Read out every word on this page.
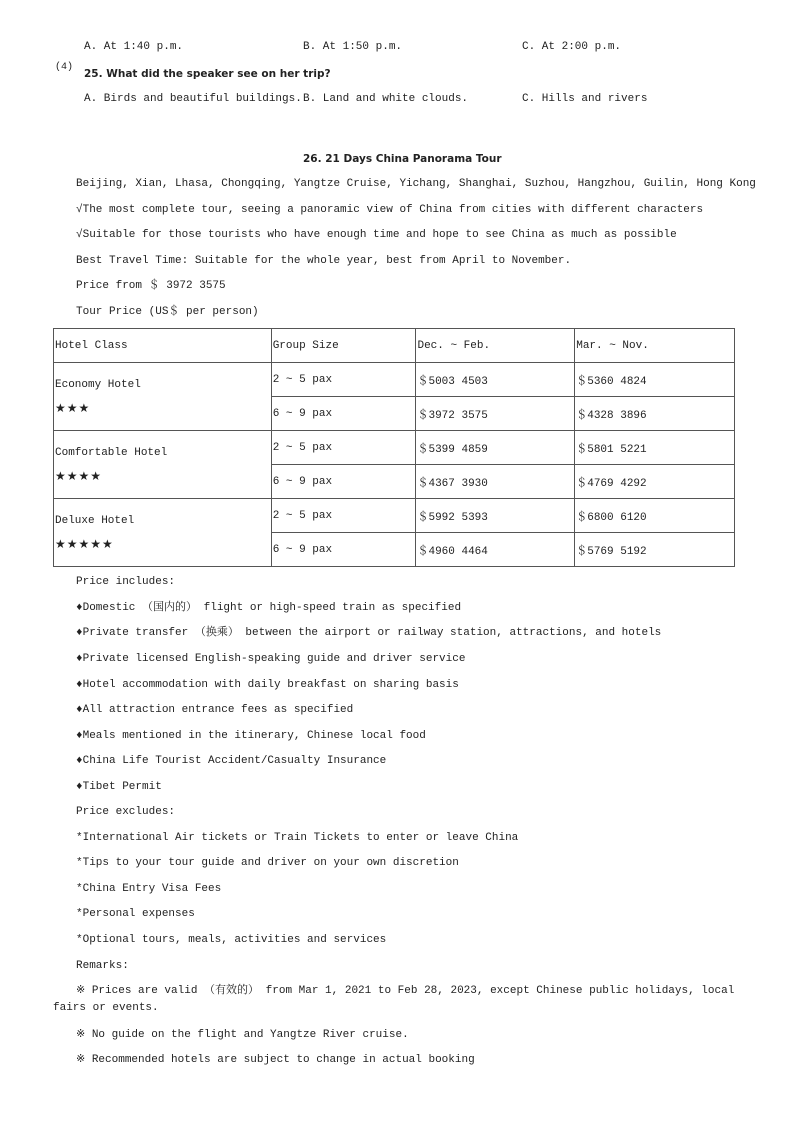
A. At 1:40 p.m.	B. At 1:50 p.m.	C. At 2:00 p.m.
(4)
25. What did the speaker see on her trip?
A. Birds and beautiful buildings. B. Land and white clouds.	C. Hills and rivers
26. 21 Days China Panorama Tour
Beijing, Xian, Lhasa, Chongqing, Yangtze Cruise, Yichang, Shanghai, Suzhou, Hangzhou, Guilin, Hong Kong
√The most complete tour, seeing a panoramic view of China from cities with different characters
√Suitable for those tourists who have enough time and hope to see China as much as possible
Best Travel Time: Suitable for the whole year, best from April to November.
Price from ＄ 3972 3575
Tour Price (US＄ per person)
Hotel Class	Group Size	Dec. ~ Feb.	Mar. ~ Nov.

Economy Hotel
★★★	2 ~ 5 pax	＄5003 4503	＄5360 4824
	6 ~ 9 pax	＄3972 3575	＄4328 3896

Comfortable Hotel
★★★★	2 ~ 5 pax	＄5399 4859	＄5801 5221
	6 ~ 9 pax	＄4367 3930	＄4769 4292

Deluxe Hotel
★★★★★	2 ~ 5 pax	＄5992 5393	＄6800 6120
	6 ~ 9 pax	＄4960 4464	＄5769 5192
Price includes:
♦Domestic （国内的） flight or high-speed train as specified
♦Private transfer （换乘） between the airport or railway station, attractions, and hotels
♦Private licensed English-speaking guide and driver service
♦Hotel accommodation with daily breakfast on sharing basis
♦All attraction entrance fees as specified
♦Meals mentioned in the itinerary, Chinese local food
♦China Life Tourist Accident/Casualty Insurance
♦Tibet Permit
Price excludes:
*International Air tickets or Train Tickets to enter or leave China
*Tips to your tour guide and driver on your own discretion
*China Entry Visa Fees
*Personal expenses
*Optional tours, meals, activities and services
Remarks:
※ Prices are valid （有效的） from Mar 1, 2021 to Feb 28, 2023, except Chinese public holidays, local fairs or events.
※ No guide on the flight and Yangtze River cruise.
※ Recommended hotels are subject to change in actual booking
